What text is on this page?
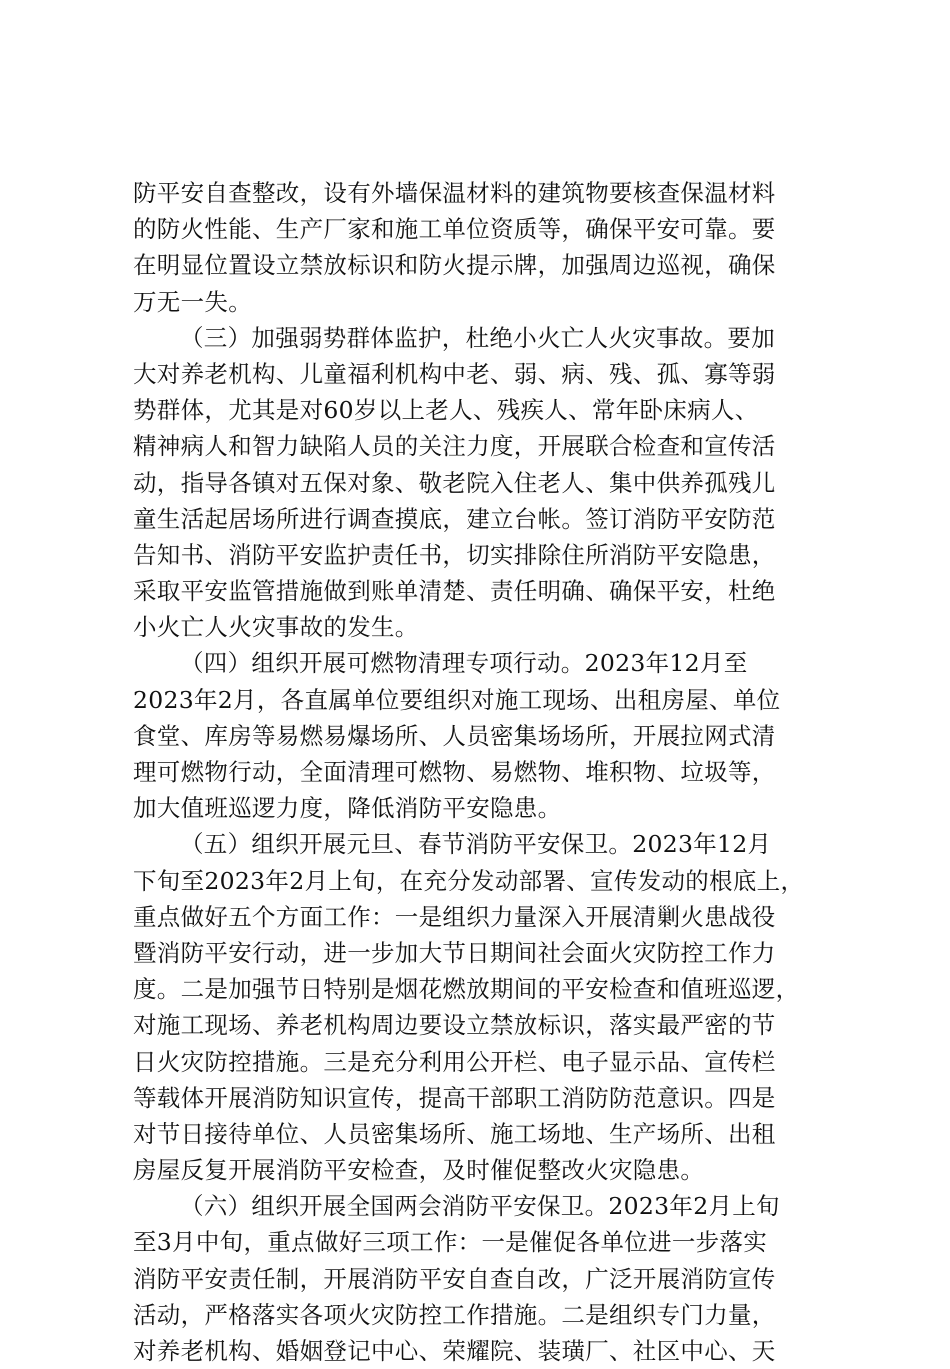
防平安自查整改，设有外墙保温材料的建筑物要核查保温材料
的防火性能、生产厂家和施工单位资质等，确保平安可靠。要
在明显位置设立禁放标识和防火提示牌，加强周边巡视，确保
万无一失。
（三）加强弱势群体监护，杜绝小火亡人火灾事故。要加
大对养老机构、儿童福利机构中老、弱、病、残、孤、寡等弱
势群体，尤其是对60岁以上老人、残疾人、常年卧床病人、
精神病人和智力缺陷人员的关注力度，开展联合检查和宣传活
动，指导各镇对五保对象、敬老院入住老人、集中供养孤残儿
童生活起居场所进行调查摸底，建立台帐。签订消防平安防范
告知书、消防平安监护责任书，切实排除住所消防平安隐患，
采取平安监管措施做到账单清楚、责任明确、确保平安，杜绝
小火亡人火灾事故的发生。
（四）组织开展可燃物清理专项行动。2023年12月至
2023年2月，各直属单位要组织对施工现场、出租房屋、单位
食堂、库房等易燃易爆场所、人员密集场场所，开展拉网式清
理可燃物行动，全面清理可燃物、易燃物、堆积物、垃圾等，
加大值班巡逻力度，降低消防平安隐患。
（五）组织开展元旦、春节消防平安保卫。2023年12月
下旬至2023年2月上旬，在充分发动部署、宣传发动的根底上，
重点做好五个方面工作：一是组织力量深入开展清剿火患战役
暨消防平安行动，进一步加大节日期间社会面火灾防控工作力
度。二是加强节日特别是烟花燃放期间的平安检查和值班巡逻，
对施工现场、养老机构周边要设立禁放标识，落实最严密的节
日火灾防控措施。三是充分利用公开栏、电子显示品、宣传栏
等载体开展消防知识宣传，提高干部职工消防防范意识。四是
对节日接待单位、人员密集场所、施工场地、生产场所、出租
房屋反复开展消防平安检查，及时催促整改火灾隐患。
（六）组织开展全国两会消防平安保卫。2023年2月上旬
至3月中旬，重点做好三项工作：一是催促各单位进一步落实
消防平安责任制，开展消防平安自查自改，广泛开展消防宣传
活动，严格落实各项火灾防控工作措施。二是组织专门力量，
对养老机构、婚姻登记中心、荣耀院、装璜厂、社区中心、天
